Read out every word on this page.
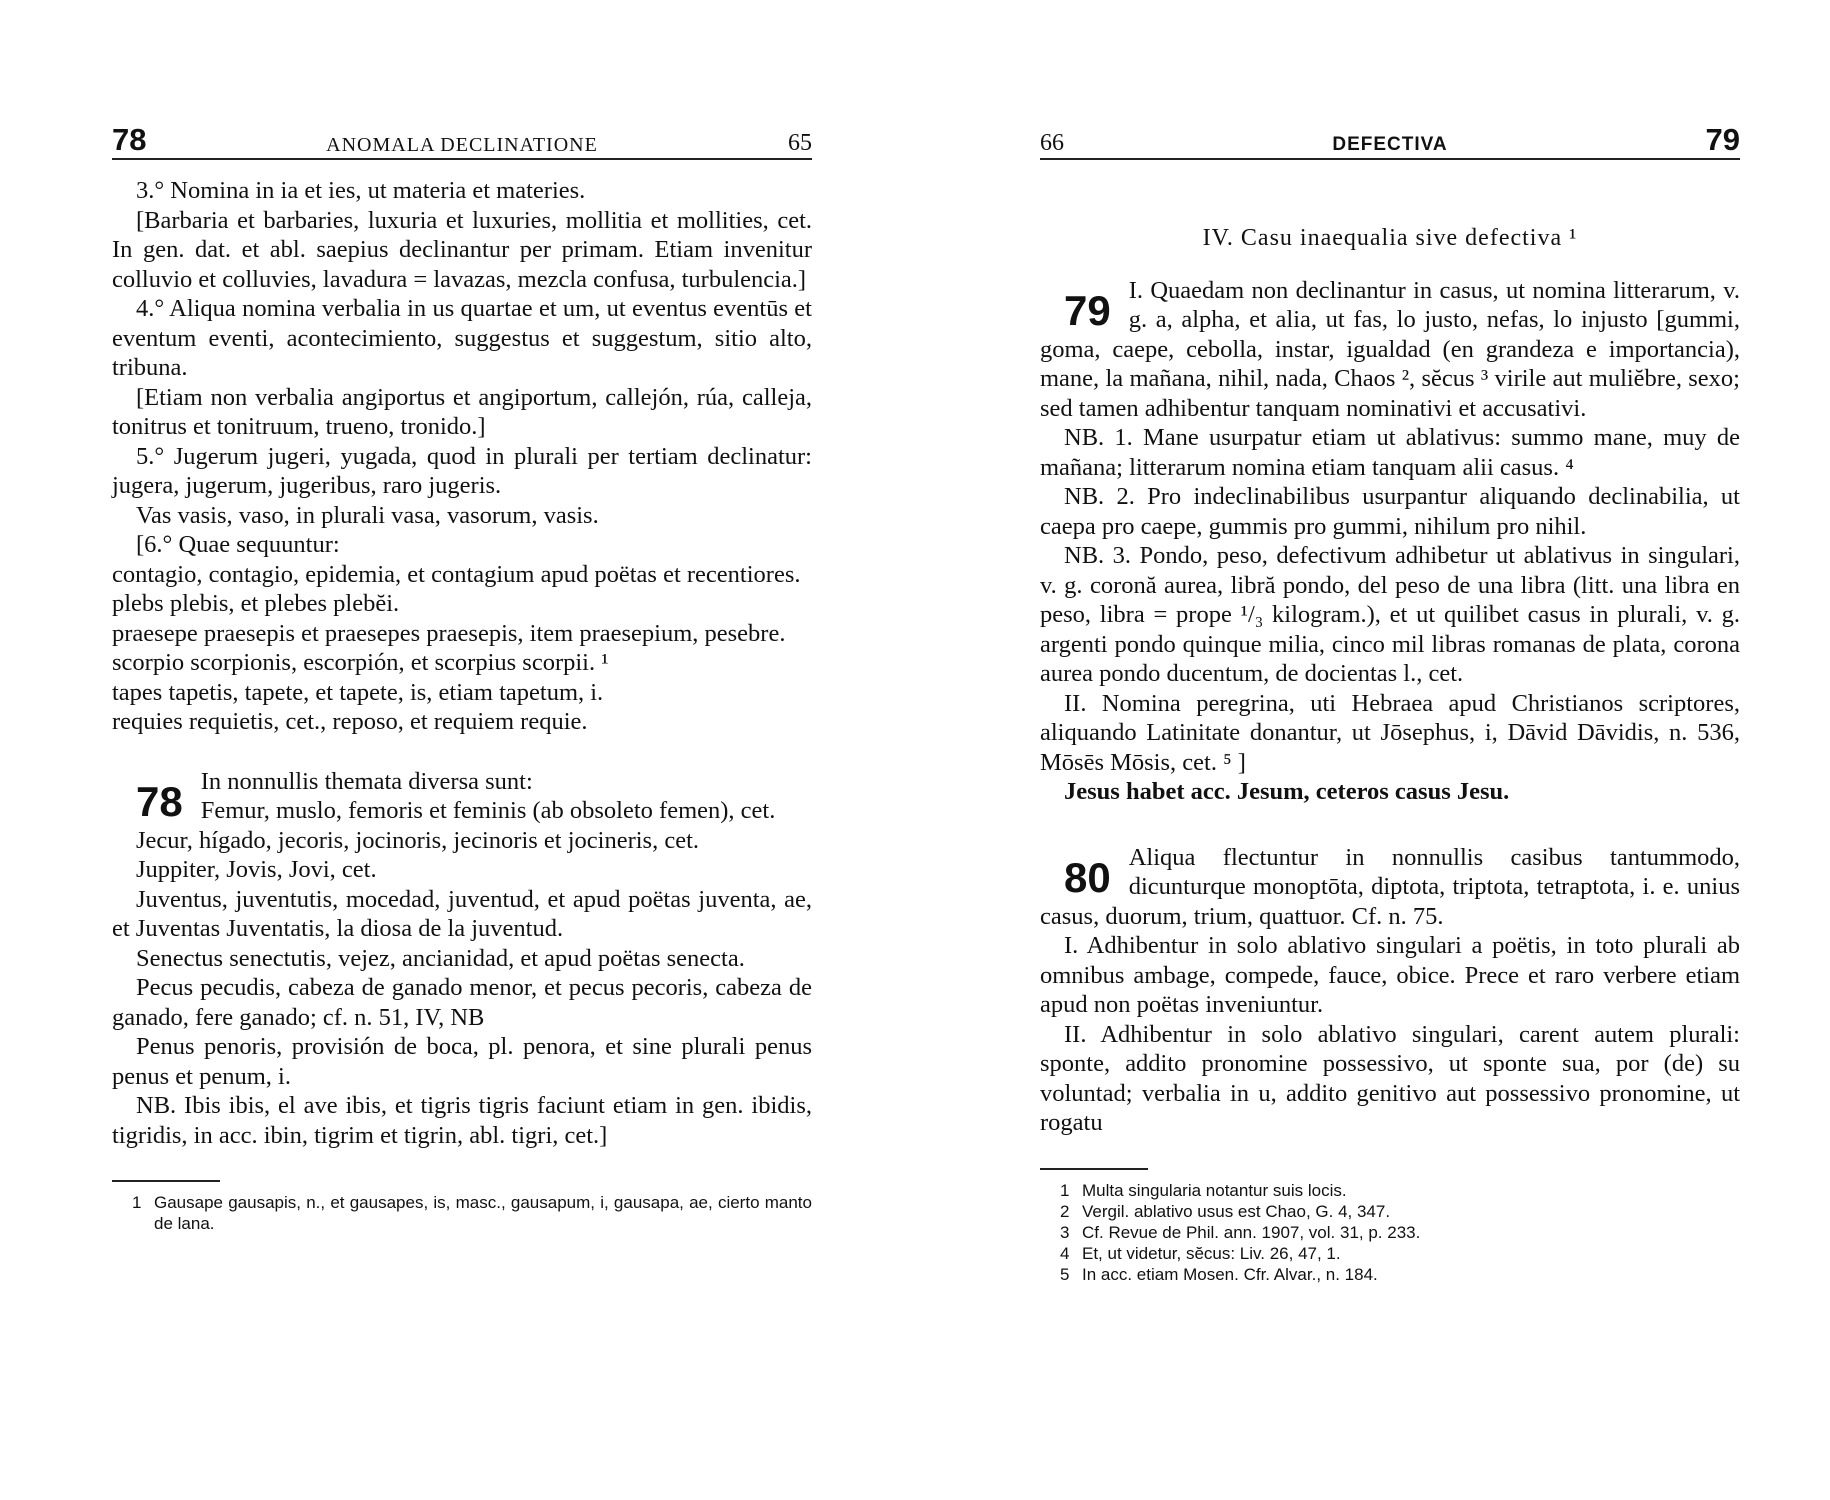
78	ANOMALA DECLINATIONE	65

3.° Nomina in ia et ies, ut materia et materies.

[Barbaria et barbaries, luxuria et luxuries, mollitia et mollities, cet. In gen. dat. et abl. saepius declinantur per primam. Etiam invenitur colluvio et colluvies, lavadura = lavazas, mezcla confusa, turbulencia.]

4.° Aliqua nomina verbalia in us quartae et um, ut eventus eventūs et eventum eventi, acontecimiento, suggestus et suggestum, sitio alto, tribuna.

[Etiam non verbalia angiportus et angiportum, callejón, rúa, calleja, tonitrus et tonitruum, trueno, tronido.]

5.° Jugerum jugeri, yugada, quod in plurali per tertiam declinatur: jugera, jugerum, jugeribus, raro jugeris.

Vas vasis, vaso, in plurali vasa, vasorum, vasis.

[6.° Quae sequuntur:

contagio, contagio, epidemia, et contagium apud poëtas et recentiores.

plebs plebis, et plebes plebĕi.

praesepe praesepis et praesepes praesepis, item praesepium, pesebre.

scorpio scorpionis, escorpión, et scorpius scorpii. ¹

tapes tapetis, tapete, et tapete, is, etiam tapetum, i.

requies requietis, cet., reposo, et requiem requie.

78 In nonnullis themata diversa sunt:

Femur, muslo, femoris et feminis (ab obsoleto femen), cet.

Jecur, hígado, jecoris, jocinoris, jecinoris et jocineris, cet.

Juppiter, Jovis, Jovi, cet.

Juventus, juventutis, mocedad, juventud, et apud poëtas juventa, ae, et Juventas Juventatis, la diosa de la juventud.

Senectus senectutis, vejez, ancianidad, et apud poëtas senecta.

Pecus pecudis, cabeza de ganado menor, et pecus pecoris, cabeza de ganado, fere ganado; cf. n. 51, IV, NB

Penus penoris, provisión de boca, pl. penora, et sine plurali penus penus et penum, i.

NB. Ibis ibis, el ave ibis, et tigris tigris faciunt etiam in gen. ibidis, tigridis, in acc. ibin, tigrim et tigrin, abl. tigri, cet.]

1 Gausape gausapis, n., et gausapes, is, masc., gausapum, i, gausapa, ae, cierto manto de lana.
66	DEFECTIVA	79
IV. Casu inaequalia sive defectiva ¹
79 I. Quaedam non declinantur in casus, ut nomina litterarum, v. g. a, alpha, et alia, ut fas, lo justo, nefas, lo injusto [gummi, goma, caepe, cebolla, instar, igualdad (en grandeza e importancia), mane, la mañana, nihil, nada, Chaos ², sĕcus ³ virile aut muliĕbre, sexo; sed tamen adhibentur tanquam nominativi et accusativi.

NB. 1. Mane usurpatur etiam ut ablativus: summo mane, muy de mañana; litterarum nomina etiam tanquam alii casus. ⁴

NB. 2. Pro indeclinabilibus usurpantur aliquando declinabilia, ut caepa pro caepe, gummis pro gummi, nihilum pro nihil.

NB. 3. Pondo, peso, defectivum adhibetur ut ablativus in singulari, v. g. coronă aurea, libră pondo, del peso de una libra (litt. una libra en peso, libra = prope ¹/₃ kilogram.), et ut quilibet casus in plurali, v. g. argenti pondo quinque milia, cinco mil libras romanas de plata, corona aurea pondo ducentum, de docientas l., cet.

II. Nomina peregrina, uti Hebraea apud Christianos scriptores, aliquando Latinitate donantur, ut Jōsephus, i, Dāvid Dāvidis, n. 536, Mōsēs Mōsis, cet. ⁵ ]

Jesus habet acc. Jesum, ceteros casus Jesu.

80 Aliqua flectuntur in nonnullis casibus tantummodo, dicunturque monoptōta, diptota, triptota, tetraptota, i. e. unius casus, duorum, trium, quattuor. Cf. n. 75.

I. Adhibentur in solo ablativo singulari a poëtis, in toto plurali ab omnibus ambage, compede, fauce, obice. Prece et raro verbere etiam apud non poëtas inveniuntur.

II. Adhibentur in solo ablativo singulari, carent autem plurali: sponte, addito pronomine possessivo, ut sponte sua, por (de) su voluntad; verbalia in u, addito genitivo aut possessivo pronomine, ut rogatu

1 Multa singularia notantur suis locis.
2 Vergil. ablativo usus est Chao, G. 4, 347.
3 Cf. Revue de Phil. ann. 1907, vol. 31, p. 233.
4 Et, ut videtur, sĕcus: Liv. 26, 47, 1.
5 In acc. etiam Mosen. Cfr. Alvar., n. 184.
